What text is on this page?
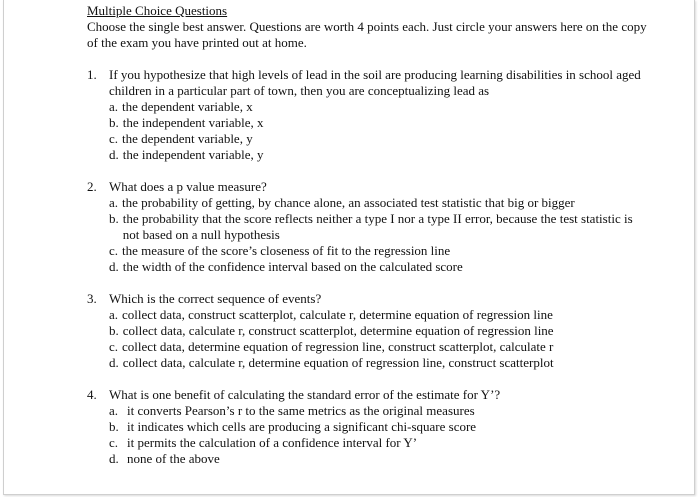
Multiple Choice Questions

Choose the single best answer. Questions are worth 4 points each. Just circle your answers here on the copy of the exam you have printed out at home.

1. If you hypothesize that high levels of lead in the soil are producing learning disabilities in school aged children in a particular part of town, then you are conceptualizing lead as
a. the dependent variable, x
b. the independent variable, x
c. the dependent variable, y
d. the independent variable, y
2. What does a p value measure?
a. the probability of getting, by chance alone, an associated test statistic that big or bigger
b. the probability that the score reflects neither a type I nor a type II error, because the test statistic is not based on a null hypothesis
c. the measure of the score’s closeness of fit to the regression line
d. the width of the confidence interval based on the calculated score
3. Which is the correct sequence of events?
a. collect data, construct scatterplot, calculate r, determine equation of regression line
b. collect data, calculate r, construct scatterplot, determine equation of regression line
c. collect data, determine equation of regression line, construct scatterplot, calculate r
d. collect data, calculate r, determine equation of regression line, construct scatterplot
4. What is one benefit of calculating the standard error of the estimate for Y’?
a. it converts Pearson’s r to the same metrics as the original measures
b. it indicates which cells are producing a significant chi-square score
c. it permits the calculation of a confidence interval for Y’
d. none of the above
